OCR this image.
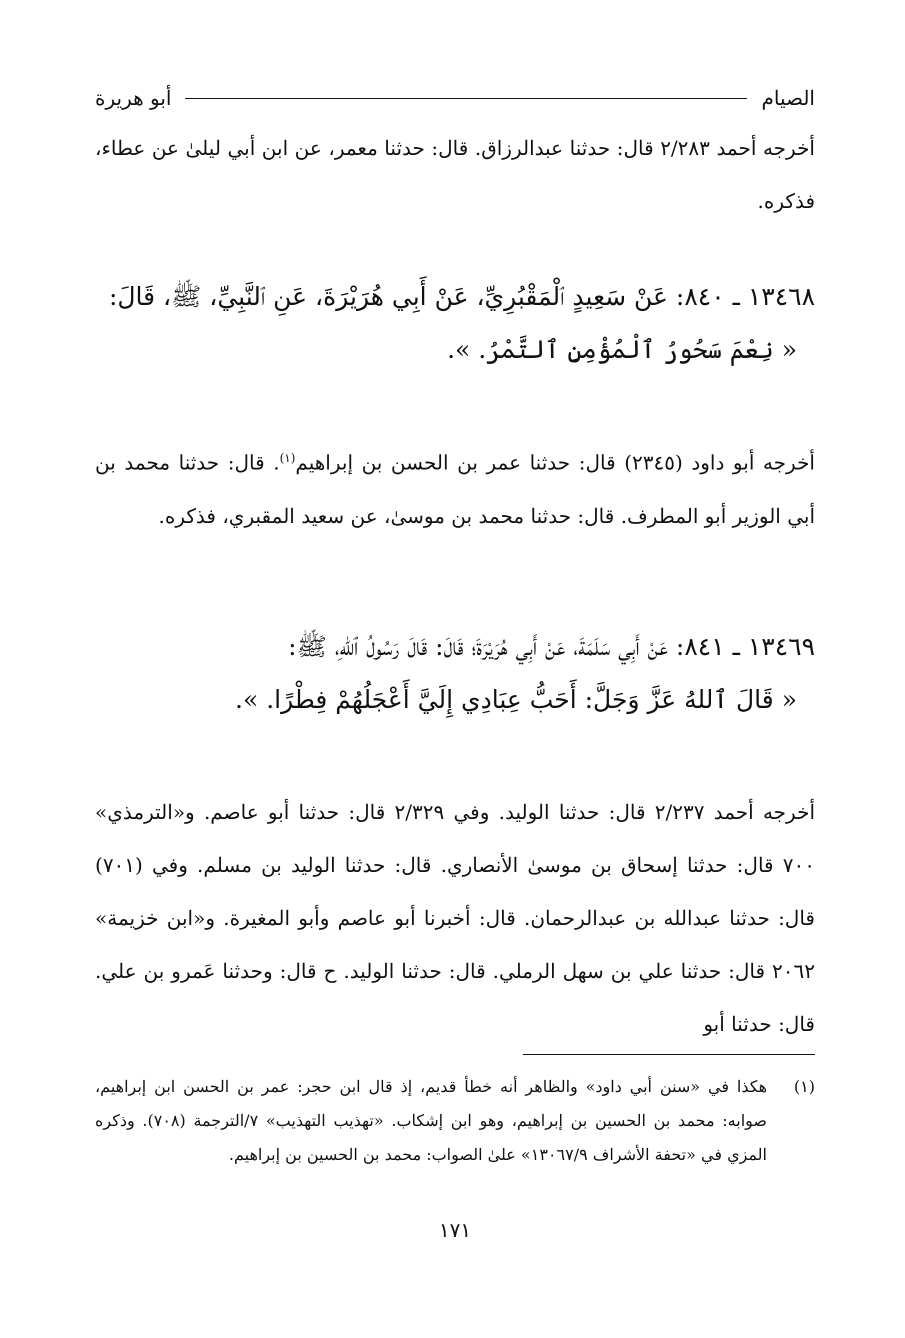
الصيام
أبو هريرة
أخرجه أحمد ٢/٢٨٣ قال: حدثنا عبدالرزاق. قال: حدثنا معمر، عن ابن أبي ليلىٰ عن عطاء، فذكره.
١٣٤٦٨ ـ ٨٤٠: عَنْ سَعِيدٍ ٱلْمَقْبُرِيِّ، عَنْ أَبِي هُرَيْرَةَ، عَنِ ٱلنَّبِيِّ، ﷺ، قَالَ:
« نِعْمَ سَحُورُ ٱلْمُؤْمِنِ ٱلتَّمْرُ. ».
أخرجه أبو داود (٢٣٤٥) قال: حدثنا عمر بن الحسن بن إبراهيم$^{(١)}$. قال: حدثنا محمد بن أبي الوزير أبو المطرف. قال: حدثنا محمد بن موسىٰ، عن سعيد المقبري، فذكره.
١٣٤٦٩ ـ ٨٤١: عَنْ أَبِي سَلَمَةَ، عَنْ أَبِي هُرَيْرَةَ؛ قَالَ: قَالَ رَسُولُ ٱللهِ، ﷺ:
« قَالَ ٱللهُ عَزَّ وَجَلَّ: أَحَبُّ عِبَادِي إِلَيَّ أَعْجَلُهُمْ فِطْرًا. ».
أخرجه أحمد ٢/٢٣٧ قال: حدثنا الوليد. وفي ٢/٣٢٩ قال: حدثنا أبو عاصم. و«الترمذي» ٧٠٠ قال: حدثنا إسحاق بن موسىٰ الأنصاري. قال: حدثنا الوليد بن مسلم. وفي (٧٠١) قال: حدثنا عبدالله بن عبدالرحمان. قال: أخبرنا أبو عاصم وأبو المغيرة. و«ابن خزيمة» ٢٠٦٢ قال: حدثنا علي بن سهل الرملي. قال: حدثنا الوليد. ح قال: وحدثنا عَمرو بن علي. قال: حدثنا أبو
(١)
هكذا في «سنن أبي داود» والظاهر أنه خطأ قديم، إذ قال ابن حجر: عمر بن الحسن ابن إبراهيم، صوابه: محمد بن الحسين بن إبراهيم، وهو ابن إشكاب. «تهذيب التهذيب» ٧/الترجمة (٧٠٨). وذكره المزي في «تحفة الأشراف ١٣٠٦٧/٩» علىٰ الصواب: محمد بن الحسين بن إبراهيم.
١٧١
